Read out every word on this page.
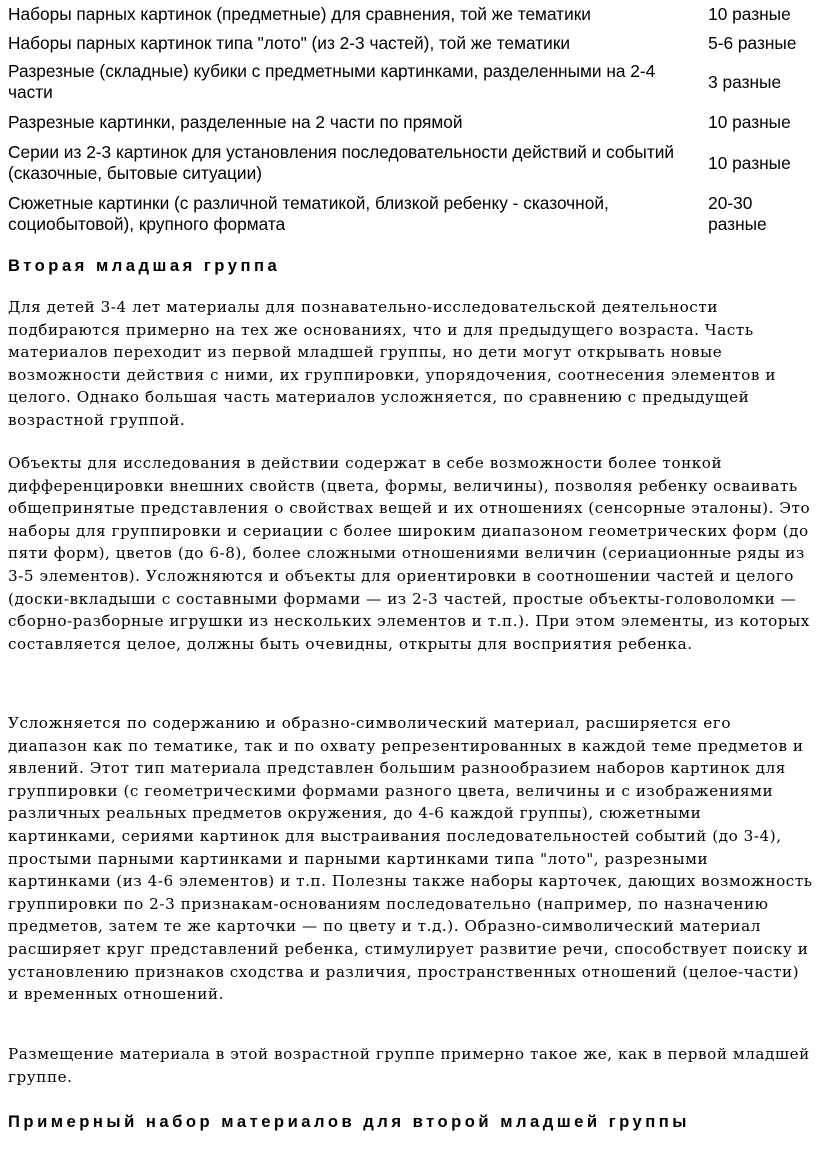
Наборы парных картинок (предметные) для сравнения, той же тематики	10 разные
Наборы парных картинок типа "лото" (из 2-3 частей), той же тематики	5-6 разные
Разрезные (складные) кубики с предметными картинками, разделенными на 2-4 части	3 разные
Разрезные картинки, разделенные на 2 части по прямой	10 разные
Серии из 2-3 картинок для установления последовательности действий и событий (сказочные, бытовые ситуации)	10 разные
Сюжетные картинки (с различной тематикой, близкой ребенку - сказочной, социобытовой), крупного формата	20-30 разные
Вторая младшая группа

Для детей 3-4 лет материалы для познавательно-исследовательской деятельности подбираются примерно на тех же основаниях, что и для предыдущего возраста. Часть материалов переходит из первой младшей группы, но дети могут открывать новые возможности действия с ними, их группировки, упорядочения, соотнесения элементов и целого. Однако большая часть материалов усложняется, по сравнению с предыдущей возрастной группой.

Объекты для исследования в действии содержат в себе возможности более тонкой дифференцировки внешних свойств (цвета, формы, величины), позволяя ребенку осваивать общепринятые представления о свойствах вещей и их отношениях (сенсорные эталоны). Это наборы для группировки и сериации с более широким диапазоном геометрических форм (до пяти форм), цветов (до 6-8), более сложными отношениями величин (сериационные ряды из 3-5 элементов). Усложняются и объекты для ориентировки в соотношении частей и целого (доски-вкладыши с составными формами — из 2-3 частей, простые объекты-головоломки — сборно-разборные игрушки из нескольких элементов и т.п.). При этом элементы, из которых составляется целое, должны быть очевидны, открыты для восприятия ребенка.

Усложняется по содержанию и образно-символический материал, расширяется его диапазон как по тематике, так и по охвату репрезентированных в каждой теме предметов и явлений. Этот тип материала представлен большим разнообразием наборов картинок для группировки (с геометрическими формами разного цвета, величины и с изображениями различных реальных предметов окружения, до 4-6 каждой группы), сюжетными картинками, сериями картинок для выстраивания последовательностей событий (до 3-4), простыми парными картинками и парными картинками типа "лото", разрезными картинками (из 4-6 элементов) и т.п. Полезны также наборы карточек, дающих возможность группировки по 2-3 признакам-основаниям последовательно (например, по назначению предметов, затем те же карточки — по цвету и т.д.). Образно-символический материал расширяет круг представлений ребенка, стимулирует развитие речи, способствует поиску и установлению признаков сходства и различия, пространственных отношений (целое-части) и временных отношений.

Размещение материала в этой возрастной группе примерно такое же, как в первой младшей группе.

Примерный набор материалов для второй младшей группы
